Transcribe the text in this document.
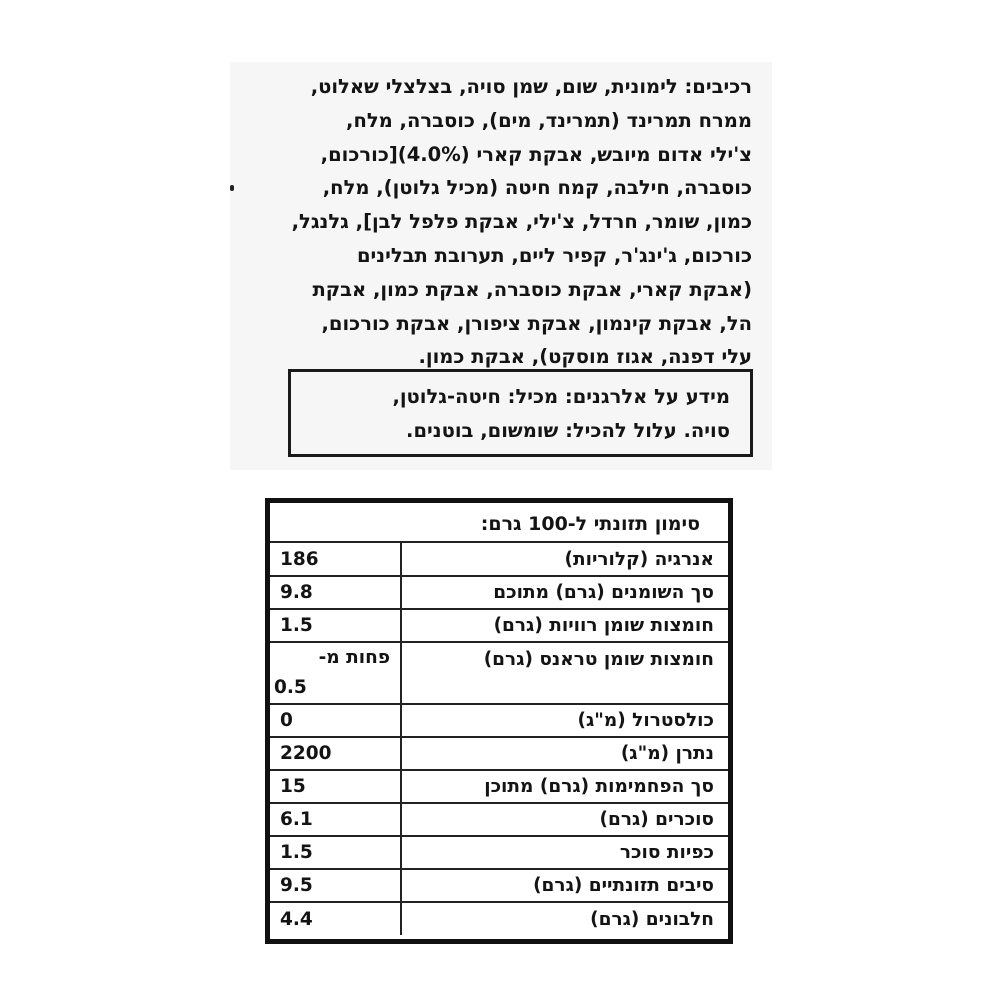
רכיבים: לימונית, שום, שמן סויה, בצלצלי שאלוט,
ממרח תמרינד (תמרינד, מים), כוסברה, מלח,
צ'ילי אדום מיובש, אבקת קארי (4.0%)[כורכום,
כוסברה, חילבה, קמח חיטה (מכיל גלוטן), מלח,
כמון, שומר, חרדל, צ'ילי, אבקת פלפל לבן], גלנגל,
כורכום, ג'ינג'ר, קפיר ליים, תערובת תבלינים
(אבקת קארי, אבקת כוסברה, אבקת כמון, אבקת
הל, אבקת קינמון, אבקת ציפורן, אבקת כורכום,
עלי דפנה, אגוז מוסקט), אבקת כמון.
מידע על אלרגנים: מכיל: חיטה-גלוטן,
סויה. עלול להכיל: שומשום, בוטנים.
סימון תזונתי ל-100 גרם:
אנרגיה (קלוריות)	186
סך השומנים (גרם) מתוכם	9.8
חומצות שומן רוויות (גרם)	1.5
חומצות שומן טראנס (גרם)	פחות מ-
0.5

כולסטרול (מ"ג)	0
נתרן (מ"ג)	2200
סך הפחמימות (גרם) מתוכן	15
סוכרים (גרם)	6.1
כפיות סוכר	1.5
סיבים תזונתיים (גרם)	9.5
חלבונים (גרם)	4.4
